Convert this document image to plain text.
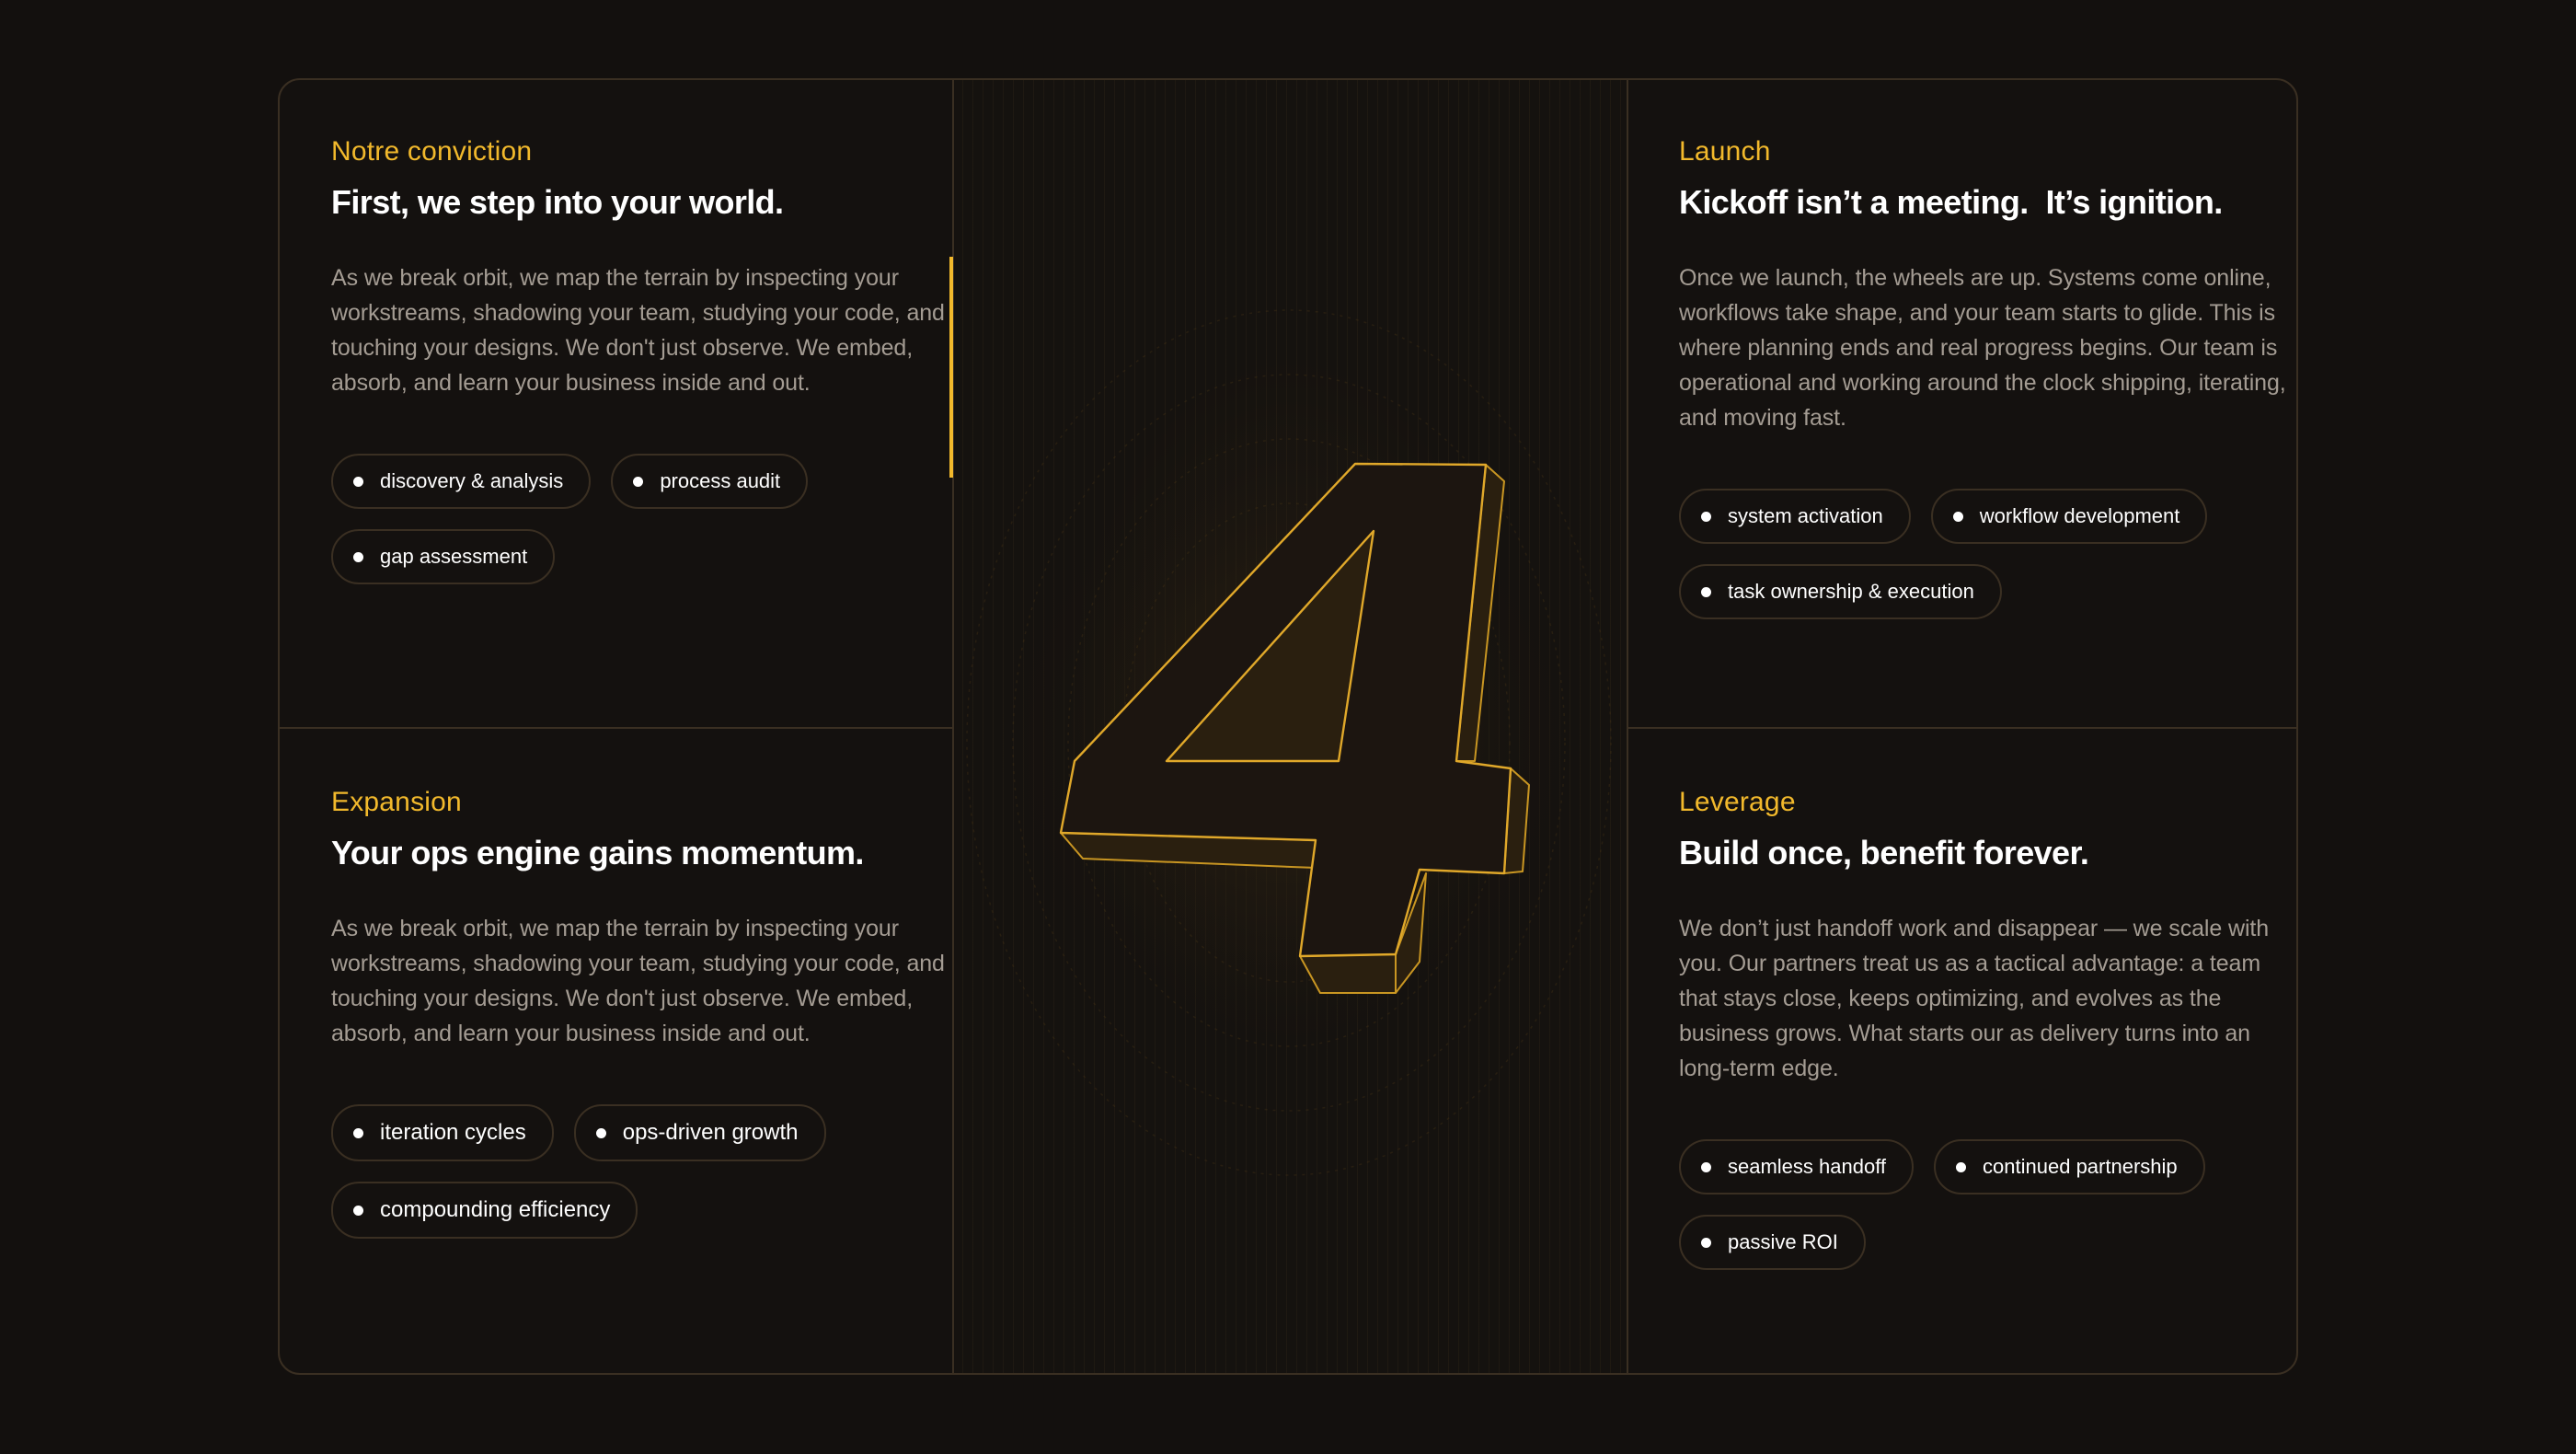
Notre conviction
First, we step into your world.

As we break orbit, we map the terrain by inspecting your workstreams, shadowing your team, studying your code, and touching your designs. We don't just observe. We embed, absorb, and learn your business inside and out.

discovery & analysis	process audit
gap assessment
Launch
Kickoff isn’t a meeting.  It’s ignition.

Once we launch, the wheels are up. Systems come online, workflows take shape, and your team starts to glide. This is where planning ends and real progress begins. Our team is operational and working around the clock shipping, iterating, and moving fast.

system activation	workflow development
task ownership & execution
Expansion
Your ops engine gains momentum.

As we break orbit, we map the terrain by inspecting your workstreams, shadowing your team, studying your code, and touching your designs. We don't just observe. We embed, absorb, and learn your business inside and out.

iteration cycles	ops-driven growth
compounding efficiency
Leverage
Build once, benefit forever.

We don’t just handoff work and disappear — we scale with you. Our partners treat us as a tactical advantage: a team that stays close, keeps optimizing, and evolves as the business grows. What starts our as delivery turns into an long-term edge.

seamless handoff	continued partnership
passive ROI
